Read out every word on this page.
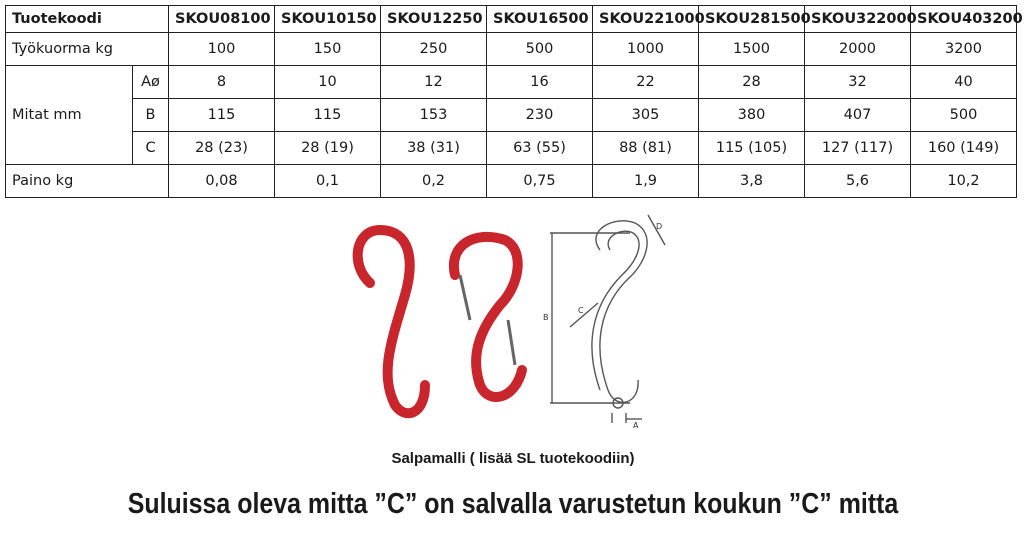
Tuotekoodi		SKOU08100	SKOU10150	SKOU12250	SKOU16500	SKOU221000	SKOU281500	SKOU322000	SKOU403200
Työkuorma kg		100	150	250	500	1000	1500	2000	3200
Mitat mm	Aø	8	10	12	16	22	28	32	40
	B	115	115	153	230	305	380	407	500
	C	28 (23)	28 (19)	38 (31)	63 (55)	88 (81)	115 (105)	127 (117)	160 (149)
Paino kg		0,08	0,1	0,2	0,75	1,9	3,8	5,6	10,2
D
B
C
A
Salpamalli ( lisää SL tuotekoodiin)
Suluissa oleva mitta ”C” on salvalla varustetun koukun ”C” mitta
